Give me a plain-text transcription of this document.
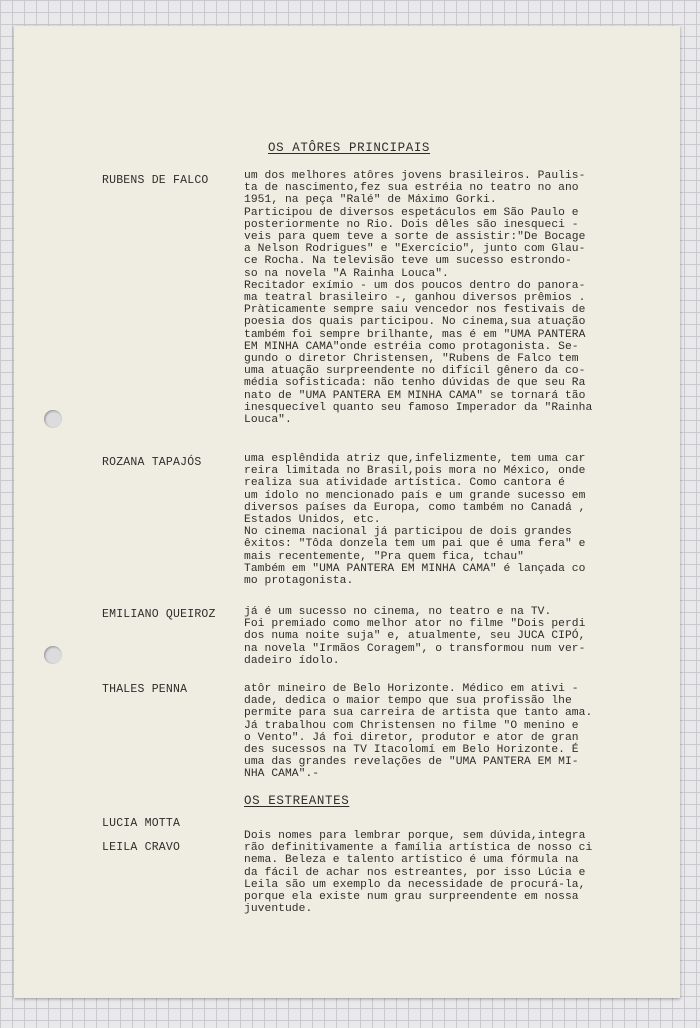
OS ATÔRES PRINCIPAIS
RUBENS DE FALCO	um dos melhores atôres jovens brasileiros. Paulis-
ta de nascimento,fez sua estréia no teatro no ano
1951, na peça "Ralé" de Máximo Gorki.
Participou de diversos espetáculos em São Paulo e
posteriormente no Rio. Dois dêles são inesqueci -
veis para quem teve a sorte de assistir:"De Bocage
a Nelson Rodrigues" e "Exercício", junto com Glau-
ce Rocha. Na televisão teve um sucesso estrondo-
so na novela "A Rainha Louca".
Recitador exímio - um dos poucos dentro do panora-
ma teatral brasileiro -, ganhou diversos prêmios .
Pràticamente sempre saiu vencedor nos festivais de
poesia dos quais participou. No cinema,sua atuação
também foi sempre brilhante, mas é em "UMA PANTERA
EM MINHA CAMA"onde estréia como protagonista. Se-
gundo o diretor Christensen, "Rubens de Falco tem
uma atuação surpreendente no difícil gênero da co-
média sofisticada: não tenho dúvidas de que seu Ra
nato de "UMA PANTERA EM MINHA CAMA" se tornará tão
inesquecível quanto seu famoso Imperador da "Rainha
Louca".
ROZANA TAPAJÓS	uma esplêndida atriz que,infelizmente, tem uma car
reira limitada no Brasil,pois mora no México, onde
realiza sua atividade artística. Como cantora é
um ídolo no mencionado país e um grande sucesso em
diversos países da Europa, como também no Canadá ,
Estados Unidos, etc.
No cinema nacional já participou de dois grandes
êxitos: "Tôda donzela tem um pai que é uma fera" e
mais recentemente, "Pra quem fica, tchau"
Também em "UMA PANTERA EM MINHA CAMA" é lançada co
mo protagonista.
EMILIANO QUEIROZ	já é um sucesso no cinema, no teatro e na TV.
Foi premiado como melhor ator no filme "Dois perdi
dos numa noite suja" e, atualmente, seu JUCA CIPÓ,
na novela "Irmãos Coragem", o transformou num ver-
dadeiro ídolo.
THALES PENNA	atôr mineiro de Belo Horizonte. Médico em ativi -
dade, dedica o maior tempo que sua profissão lhe
permite para sua carreira de artista que tanto ama.
Já trabalhou com Christensen no filme "O menino e
o Vento". Já foi diretor, produtor e ator de gran
des sucessos na TV Itacolomí em Belo Horizonte. É
uma das grandes revelações de "UMA PANTERA EM MI-
NHA CAMA".-
OS ESTREANTES
LUCIA MOTTA
LEILA CRAVO
Dois nomes para lembrar porque, sem dúvida,integra
rão definitivamente a família artística de nosso ci
nema. Beleza e talento artístico é uma fórmula na
da fácil de achar nos estreantes, por isso Lúcia e
Leila são um exemplo da necessidade de procurá-la,
porque ela existe num grau surpreendente em nossa
juventude.
